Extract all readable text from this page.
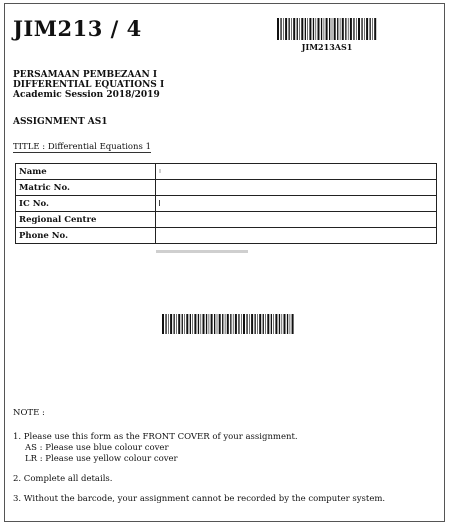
JIM213 / 4
JIM213AS1
PERSAMAAN PEMBEZAAN I
DIFFERENTIAL EQUATIONS I
Academic Session 2018/2019
ASSIGNMENT AS1
TITLE : Differential Equations 1
Name	
Matric No.	
IC No.	
Regional Centre	
Phone No.	
NOTE :

1. Please use this form as the FRONT COVER of your assignment.

AS : Please use blue colour cover

LR : Please use yellow colour cover

2. Complete all details.

3. Without the barcode, your assignment cannot be recorded by the computer system.
